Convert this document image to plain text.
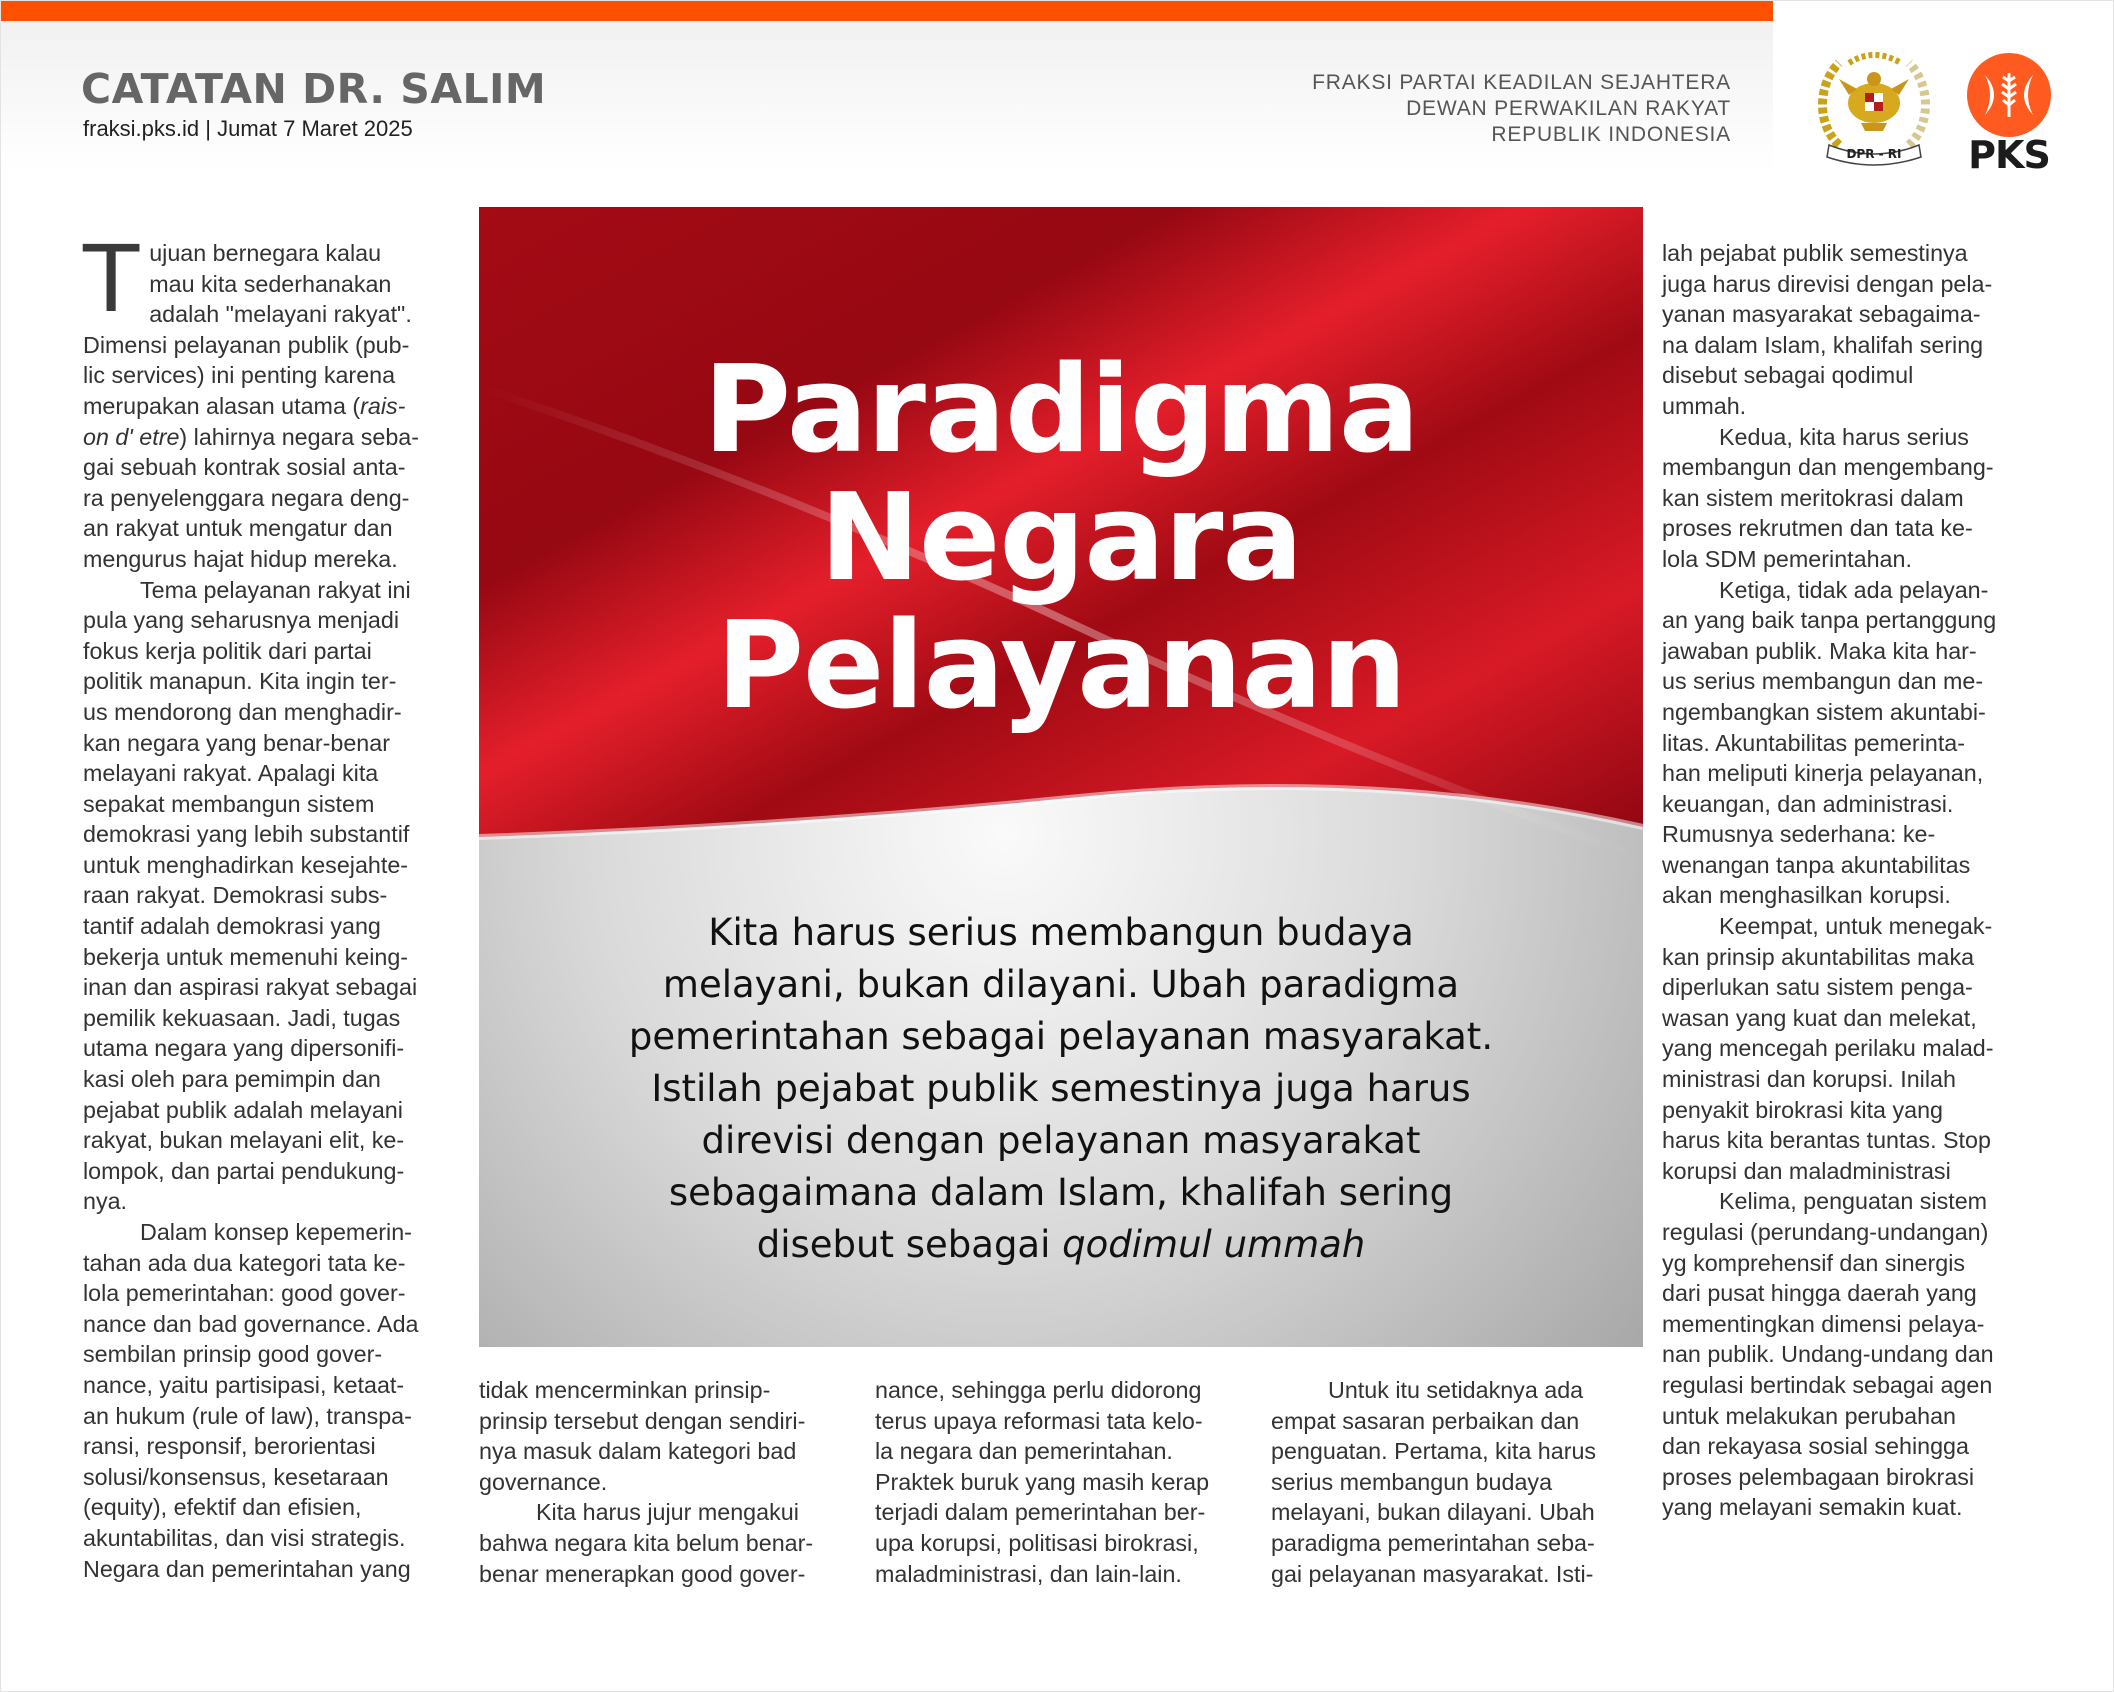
CATATAN DR. SALIM
fraksi.pks.id | Jumat 7 Maret 2025
FRAKSI PARTAI KEADILAN SEJAHTERA
DEWAN PERWAKILAN RAKYAT
REPUBLIK INDONESIA
DPR - RI PKS
Paradigma
Negara
Pelayanan
Kita harus serius membangun budaya
melayani, bukan dilayani. Ubah paradigma
pemerintahan sebagai pelayanan masyarakat.
Istilah pejabat publik semestinya juga harus
direvisi dengan pelayanan masyarakat
sebagaimana dalam Islam, khalifah sering
disebut sebagai qodimul ummah
T ujuan bernegara kalau
mau kita sederhanakan
adalah "melayani rakyat".
Dimensi pelayanan publik (pub-
lic services) ini penting karena
merupakan alasan utama (rais-
on d' etre) lahirnya negara seba-
gai sebuah kontrak sosial anta-
ra penyelenggara negara deng-
an rakyat untuk mengatur dan
mengurus hajat hidup mereka.
Tema pelayanan rakyat ini
pula yang seharusnya menjadi
fokus kerja politik dari partai
politik manapun. Kita ingin ter-
us mendorong dan menghadir-
kan negara yang benar-benar
melayani rakyat. Apalagi kita
sepakat membangun sistem
demokrasi yang lebih substantif
untuk menghadirkan kesejahte-
raan rakyat. Demokrasi subs-
tantif adalah demokrasi yang
bekerja untuk memenuhi keing-
inan dan aspirasi rakyat sebagai
pemilik kekuasaan. Jadi, tugas
utama negara yang dipersonifi-
kasi oleh para pemimpin dan
pejabat publik adalah melayani
rakyat, bukan melayani elit, ke-
lompok, dan partai pendukung-
nya.
Dalam konsep kepemerin-
tahan ada dua kategori tata ke-
lola pemerintahan: good gover-
nance dan bad governance. Ada
sembilan prinsip good gover-
nance, yaitu partisipasi, ketaat-
an hukum (rule of law), transpa-
ransi, responsif, berorientasi
solusi/konsensus, kesetaraan
(equity), efektif dan efisien,
akuntabilitas, dan visi strategis.
Negara dan pemerintahan yang
tidak mencerminkan prinsip-
prinsip tersebut dengan sendiri-
nya masuk dalam kategori bad
governance.
Kita harus jujur mengakui
bahwa negara kita belum benar-
benar menerapkan good gover-
nance, sehingga perlu didorong
terus upaya reformasi tata kelo-
la negara dan pemerintahan.
Praktek buruk yang masih kerap
terjadi dalam pemerintahan ber-
upa korupsi, politisasi birokrasi,
maladministrasi, dan lain-lain.
Untuk itu setidaknya ada
empat sasaran perbaikan dan
penguatan. Pertama, kita harus
serius membangun budaya
melayani, bukan dilayani. Ubah
paradigma pemerintahan seba-
gai pelayanan masyarakat. Isti-
lah pejabat publik semestinya
juga harus direvisi dengan pela-
yanan masyarakat sebagaima-
na dalam Islam, khalifah sering
disebut sebagai qodimul
ummah.
Kedua, kita harus serius
membangun dan mengembang-
kan sistem meritokrasi dalam
proses rekrutmen dan tata ke-
lola SDM pemerintahan.
Ketiga, tidak ada pelayan-
an yang baik tanpa pertanggung
jawaban publik. Maka kita har-
us serius membangun dan me-
ngembangkan sistem akuntabi-
litas. Akuntabilitas pemerinta-
han meliputi kinerja pelayanan,
keuangan, dan administrasi.
Rumusnya sederhana: ke-
wenangan tanpa akuntabilitas
akan menghasilkan korupsi.
Keempat, untuk menegak-
kan prinsip akuntabilitas maka
diperlukan satu sistem penga-
wasan yang kuat dan melekat,
yang mencegah perilaku malad-
ministrasi dan korupsi. Inilah
penyakit birokrasi kita yang
harus kita berantas tuntas. Stop
korupsi dan maladministrasi
Kelima, penguatan sistem
regulasi (perundang-undangan)
yg komprehensif dan sinergis
dari pusat hingga daerah yang
mementingkan dimensi pelaya-
nan publik. Undang-undang dan
regulasi bertindak sebagai agen
untuk melakukan perubahan
dan rekayasa sosial sehingga
proses pelembagaan birokrasi
yang melayani semakin kuat.
